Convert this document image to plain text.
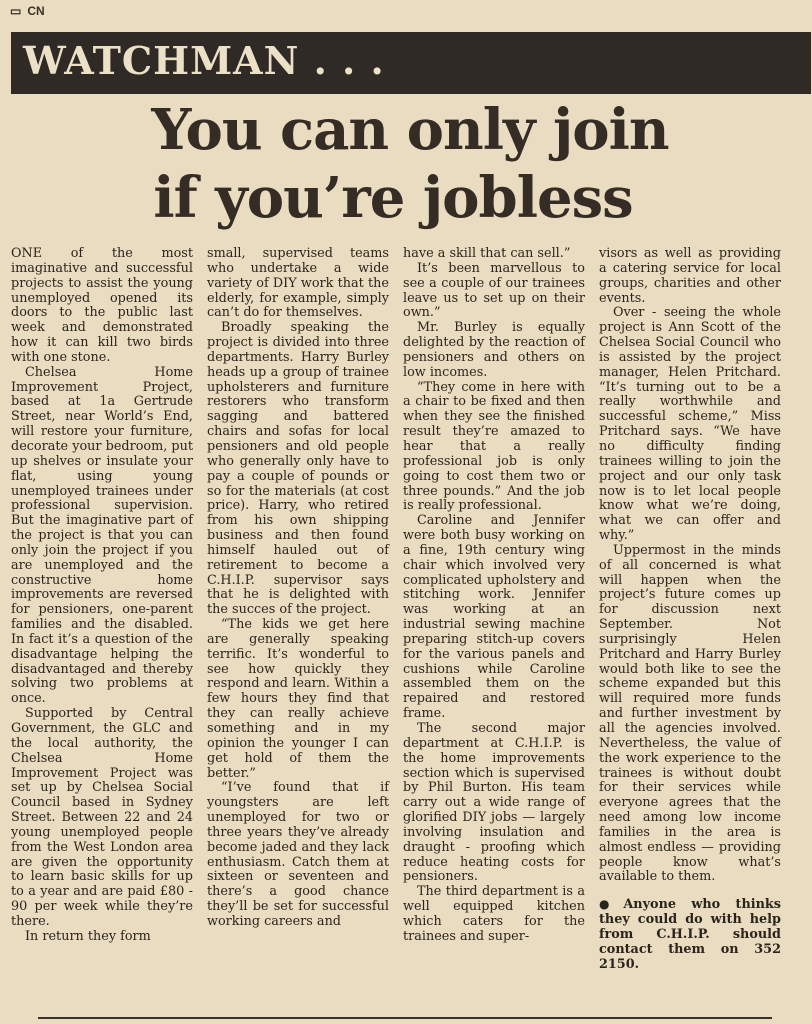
▭ CN
WATCHMAN . . .
You can only join
if you’re jobless

ONE of the most imaginative and successful projects to assist the young unemployed opened its doors to the public last week and demonstrated how it can kill two birds with one stone.

Chelsea Home Improvement Project, based at 1a Gertrude Street, near World’s End, will restore your furniture, decorate your bedroom, put up shelves or insulate your flat, using young unemployed trainees under professional supervision. But the imaginative part of the project is that you can only join the project if you are unemployed and the constructive home improvements are reversed for pensioners, one-parent families and the disabled. In fact it’s a question of the disadvantage helping the disadvantaged and thereby solving two problems at once.

Supported by Central Government, the GLC and the local authority, the Chelsea Home Improvement Project was set up by Chelsea Social Council based in Sydney Street. Between 22 and 24 young unemployed people from the West London area are given the opportunity to learn basic skills for up to a year and are paid £80 - 90 per week while they’re there.

In return they form

small, supervised teams who undertake a wide variety of DIY work that the elderly, for example, simply can’t do for themselves.

Broadly speaking the project is divided into three departments. Harry Burley heads up a group of trainee upholsterers and furniture restorers who transform sagging and battered chairs and sofas for local pensioners and old people who generally only have to pay a couple of pounds or so for the materials (at cost price). Harry, who retired from his own shipping business and then found himself hauled out of retirement to become a C.H.I.P. supervisor says that he is delighted with the succes of the project.

“The kids we get here are generally speaking terrific. It’s wonderful to see how quickly they respond and learn. Within a few hours they find that they can really achieve something and in my opinion the younger I can get hold of them the better.”

“I’ve found that if youngsters are left unemployed for two or three years they’ve already become jaded and they lack enthusiasm. Catch them at sixteen or seventeen and there’s a good chance they’ll be set for successful working careers and

have a skill that can sell.”

It’s been marvellous to see a couple of our trainees leave us to set up on their own.”

Mr. Burley is equally delighted by the reaction of pensioners and others on low incomes.

“They come in here with a chair to be fixed and then when they see the finished result they’re amazed to hear that a really professional job is only going to cost them two or three pounds.” And the job is really professional.

Caroline and Jennifer were both busy working on a fine, 19th century wing chair which involved very complicated upholstery and stitching work. Jennifer was working at an industrial sewing machine preparing stitch-up covers for the various panels and cushions while Caroline assembled them on the repaired and restored frame.

The second major department at C.H.I.P. is the home improvements section which is supervised by Phil Burton. His team carry out a wide range of glorified DIY jobs — largely involving insulation and draught - proofing which reduce heating costs for pensioners.

The third department is a well equipped kitchen which caters for the trainees and super-

visors as well as providing a catering service for local groups, charities and other events.

Over - seeing the whole project is Ann Scott of the Chelsea Social Council who is assisted by the project manager, Helen Pritchard. “It’s turning out to be a really worthwhile and successful scheme,” Miss Pritchard says. “We have no difficulty finding trainees willing to join the project and our only task now is to let local people know what we’re doing, what we can offer and why.”

Uppermost in the minds of all concerned is what will happen when the project’s future comes up for discussion next September. Not surprisingly Helen Pritchard and Harry Burley would both like to see the scheme expanded but this will required more funds and further investment by all the agencies involved. Nevertheless, the value of the work experience to the trainees is without doubt for their services while everyone agrees that the need among low income families in the area is almost endless — providing people know what’s available to them.

● Anyone who thinks they could do with help from C.H.I.P. should contact them on 352 2150.
